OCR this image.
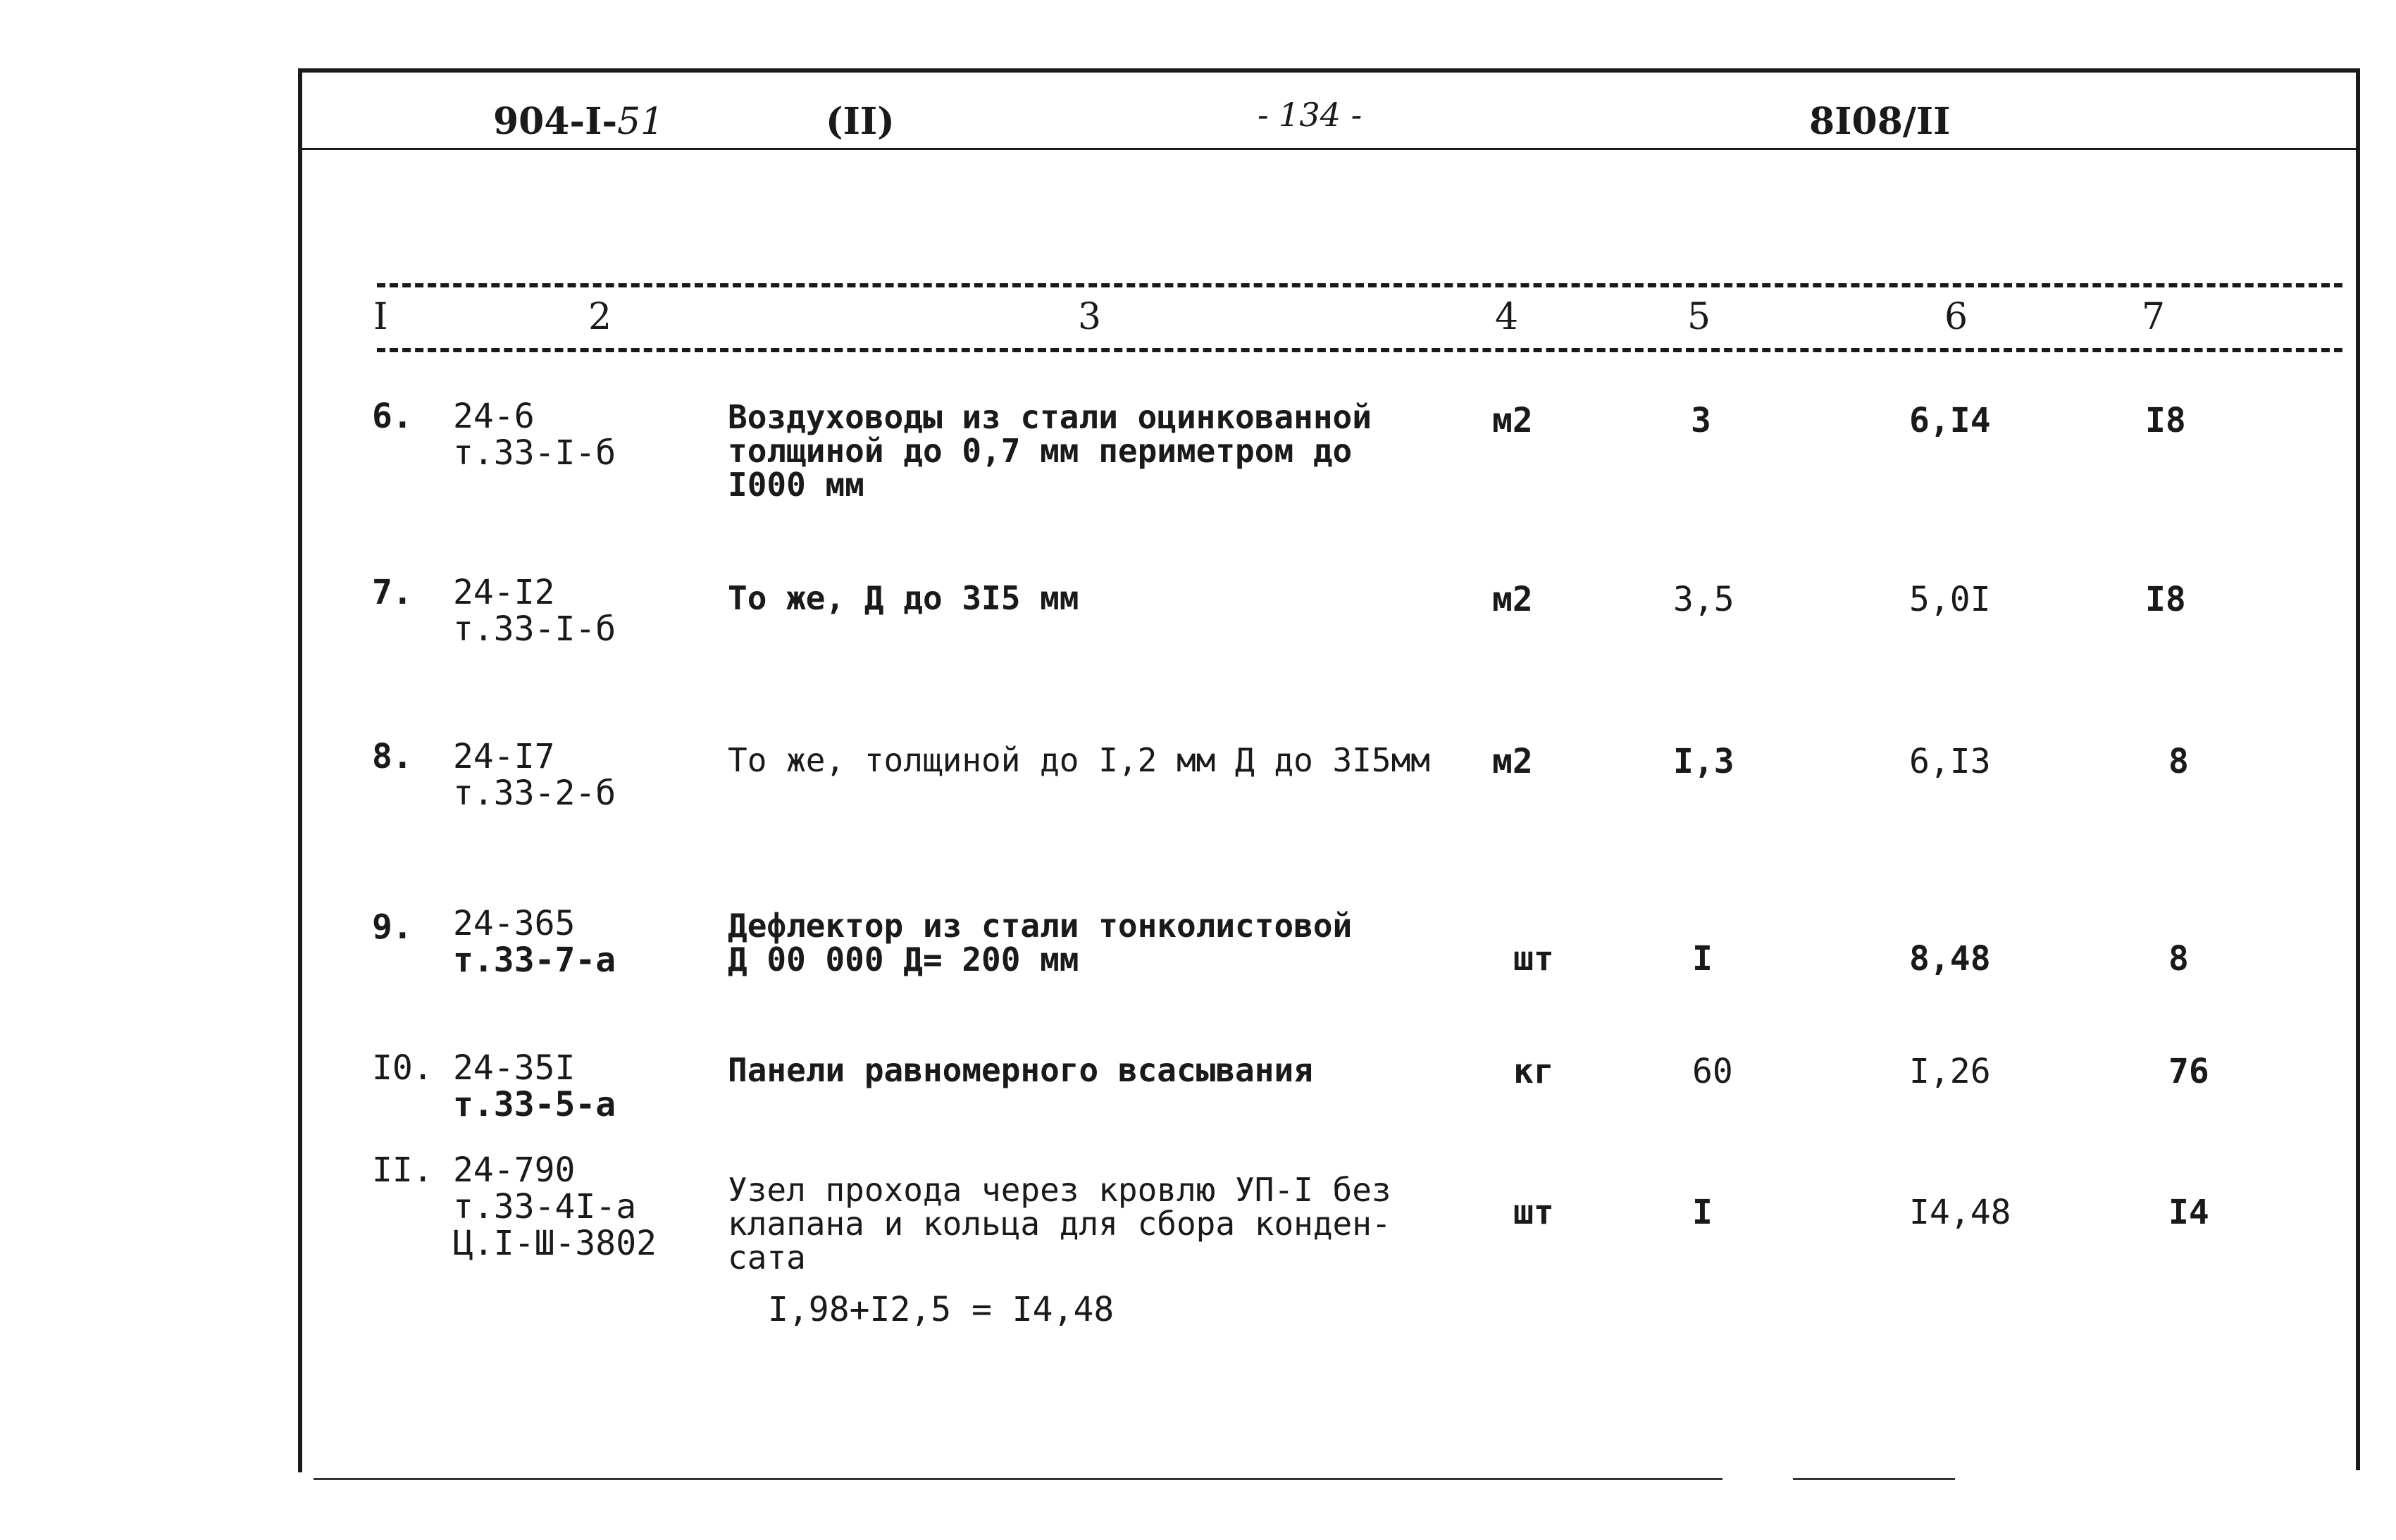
904-I-51	(II)	- 134 -	8I08/II
I	2	3	4	5	6	7
6. 24-6
т.33-I-б
Воздуховоды из стали оцинкованной
толщиной до 0,7 мм периметром до
I000 мм
м2	3	6,I4	I8
7. 24-I2
т.33-I-б
То же, Д до 3I5 мм	м2	3,5	5,0I	I8
8. 24-I7
т.33-2-б
То же, толщиной до I,2 мм Д до 3I5мм м2	I,3	6,I3	8
9. 24-365
т.33-7-а
Дефлектор из стали тонколистовой
Д 00 000 Д= 200 мм	шт	I	8,48	8
I0. 24-35I
т.33-5-а
Панели равномерного всасывания	кг	60	I,26	76
II. 24-790
т.33-4I-а
Ц.I-Ш-3802
Узел прохода через кровлю УП-I без
клапана и кольца для сбора конден-
сата
I,98+I2,5 = I4,48
шт	I	I4,48	I4
